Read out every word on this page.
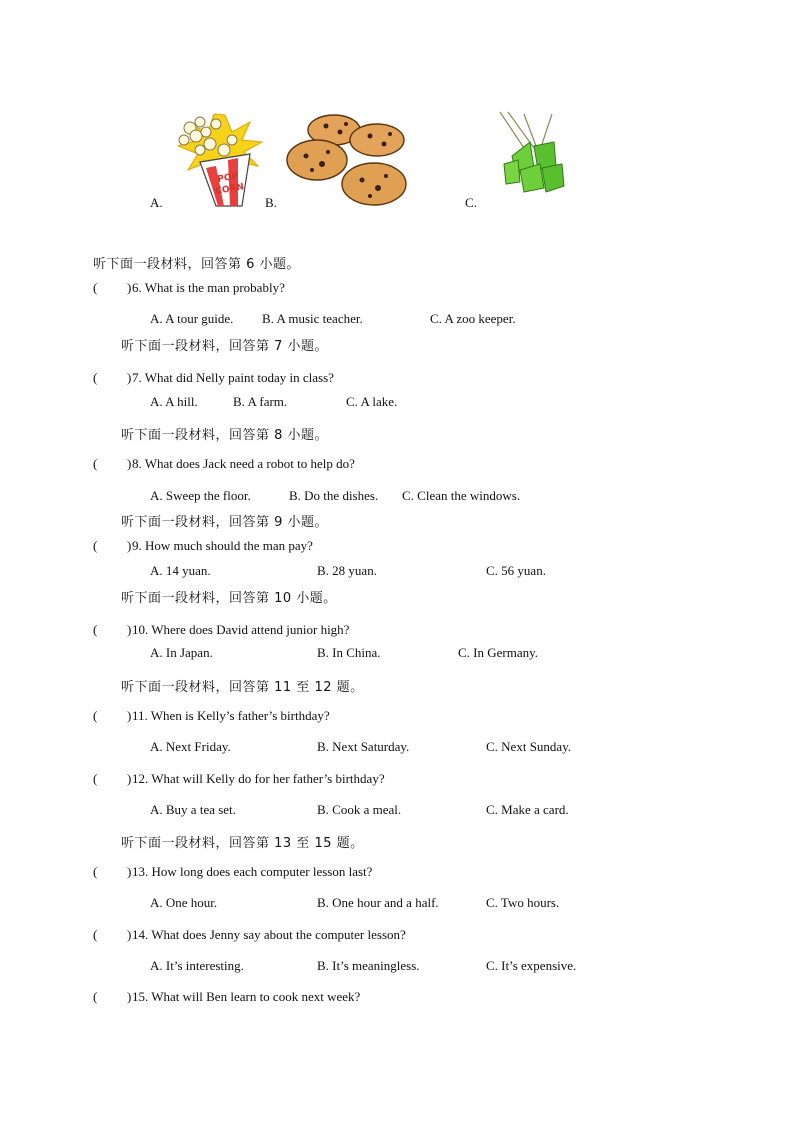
POP
CORN
A.	B.	C.
听下面一段材料，回答第 6 小题。
( ) 6. What is the man probably?
A. A tour guide. B. A music teacher.	C. A zoo keeper.
听下面一段材料，回答第 7 小题。
( ) 7. What did Nelly paint today in class?
A. A hill.	B. A farm.	C. A lake.
听下面一段材料，回答第 8 小题。
( ) 8. What does Jack need a robot to help do?
A. Sweep the floor.	B. Do the dishes. C. Clean the windows.
听下面一段材料，回答第 9 小题。
( ) 9. How much should the man pay?
A. 14 yuan.	B. 28 yuan.	C. 56 yuan.
听下面一段材料，回答第 10 小题。
( ) 10. Where does David attend junior high?
A. In Japan.	B. In China.	C. In Germany.
听下面一段材料，回答第 11 至 12 题。
( ) 11. When is Kelly’s father’s birthday?
A. Next Friday.	B. Next Saturday.	C. Next Sunday.
( ) 12. What will Kelly do for her father’s birthday?
A. Buy a tea set.	B. Cook a meal.	C. Make a card.
听下面一段材料，回答第 13 至 15 题。
( ) 13. How long does each computer lesson last?
A. One hour.	B. One hour and a half.	C. Two hours.
( ) 14. What does Jenny say about the computer lesson?
A. It’s interesting.	B. It’s meaningless.	C. It’s expensive.
( ) 15. What will Ben learn to cook next week?
